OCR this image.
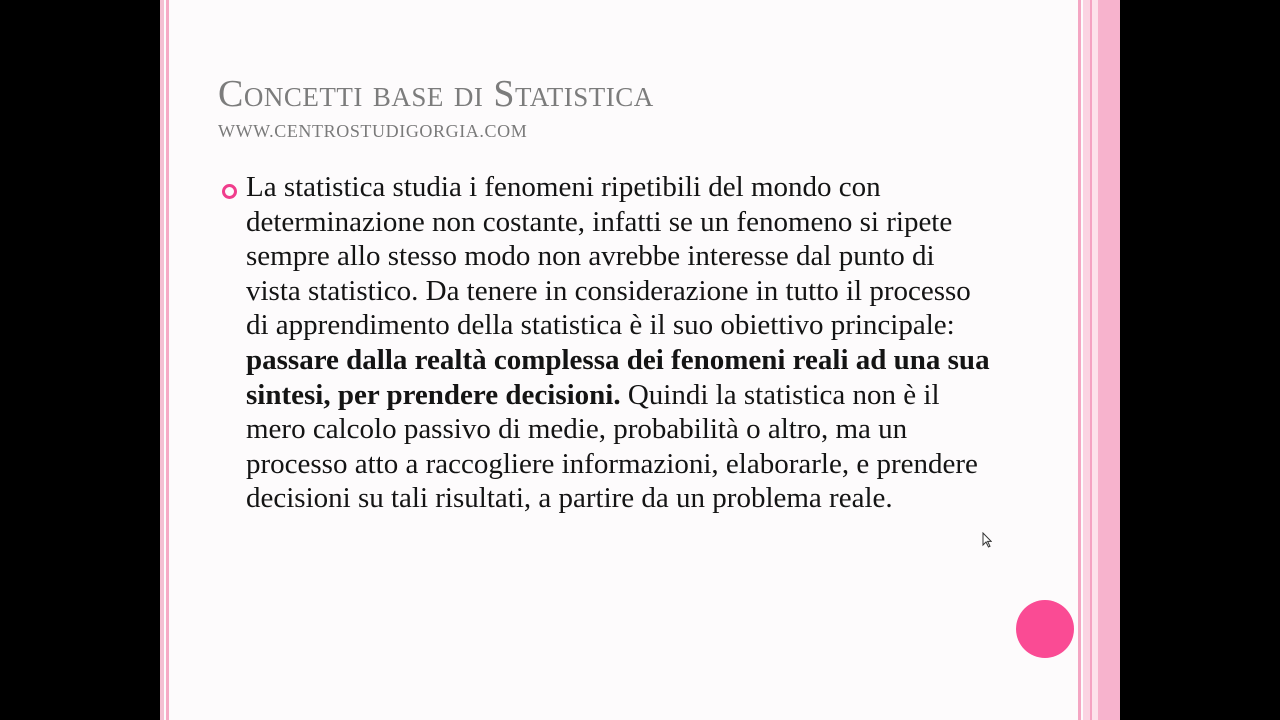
Concetti base di Statistica
WWW.CENTROSTUDIGORGIA.COM

La statistica studia i fenomeni ripetibili del mondo con determinazione non costante, infatti se un fenomeno si ripete sempre allo stesso modo non avrebbe interesse dal punto di vista statistico. Da tenere in considerazione in tutto il processo di apprendimento della statistica è il suo obiettivo principale: passare dalla realtà complessa dei fenomeni reali ad una sua sintesi, per prendere decisioni. Quindi la statistica non è il mero calcolo passivo di medie, probabilità o altro, ma un processo atto a raccogliere informazioni, elaborarle, e prendere decisioni su tali risultati, a partire da un problema reale.
